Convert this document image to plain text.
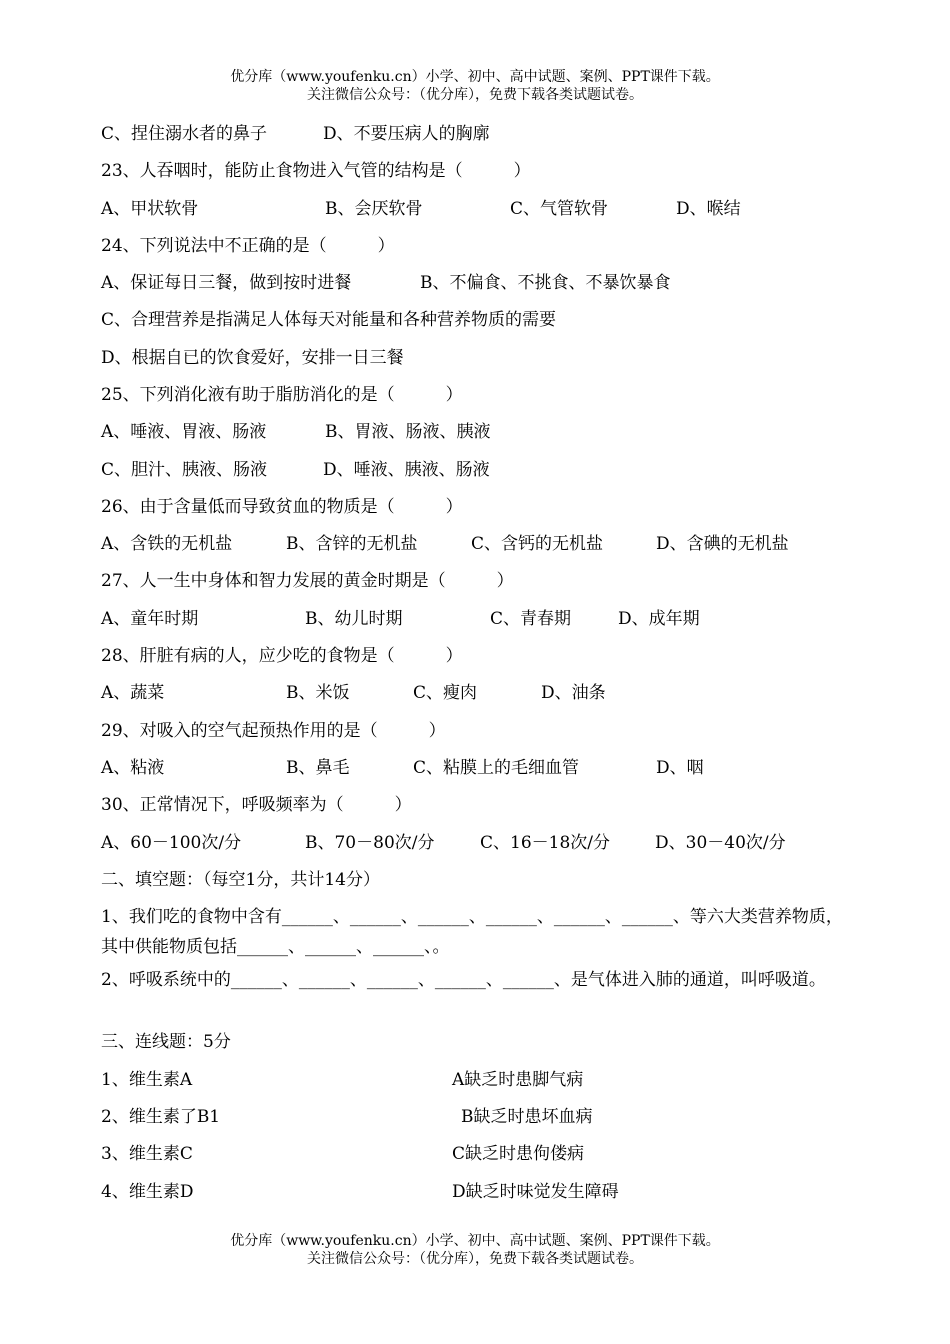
优分库（www.youfenku.cn）小学、初中、高中试题、案例、PPT课件下载。
关注微信公众号：（优分库），免费下载各类试题试卷。
C、捏住溺水者的鼻子	D、不要压病人的胸廓
23、人吞咽时，能防止食物进入气管的结构是（　　　）
A、甲状软骨	B、会厌软骨	C、气管软骨	D、喉结
24、下列说法中不正确的是（　　　）
A、保证每日三餐，做到按时进餐	B、不偏食、不挑食、不暴饮暴食
C、合理营养是指满足人体每天对能量和各种营养物质的需要
D、根据自已的饮食爱好，安排一日三餐
25、下列消化液有助于脂肪消化的是（　　　）
A、唾液、胃液、肠液	B、胃液、肠液、胰液
C、胆汁、胰液、肠液	D、唾液、胰液、肠液
26、由于含量低而导致贫血的物质是（　　　）
A、含铁的无机盐	B、含锌的无机盐	C、含钙的无机盐	D、含碘的无机盐
27、人一生中身体和智力发展的黄金时期是（　　　）
A、童年时期	B、幼儿时期	C、青春期	D、成年期
28、肝脏有病的人，应少吃的食物是（　　　）
A、蔬菜	B、米饭	C、瘦肉	D、油条
29、对吸入的空气起预热作用的是（　　　）
A、粘液	B、鼻毛	C、粘膜上的毛细血管	D、咽
30、正常情况下，呼吸频率为（　　　）
A、60－100次/分	B、70－80次/分	C、16－18次/分	D、30－40次/分
二、填空题：（每空1分，共计14分）
1、我们吃的食物中含有______、______、______、______、______、______、等六大类营养物质，其中供能物质包括______、______、______、。
2、呼吸系统中的______、______、______、______、______、是气体进入肺的通道，叫呼吸道。
三、连线题：5分
1、维生素A	A缺乏时患脚气病
2、维生素了B1	B缺乏时患坏血病
3、维生素C	C缺乏时患佝偻病
4、维生素D	D缺乏时味觉发生障碍
优分库（www.youfenku.cn）小学、初中、高中试题、案例、PPT课件下载。
关注微信公众号：（优分库），免费下载各类试题试卷。
